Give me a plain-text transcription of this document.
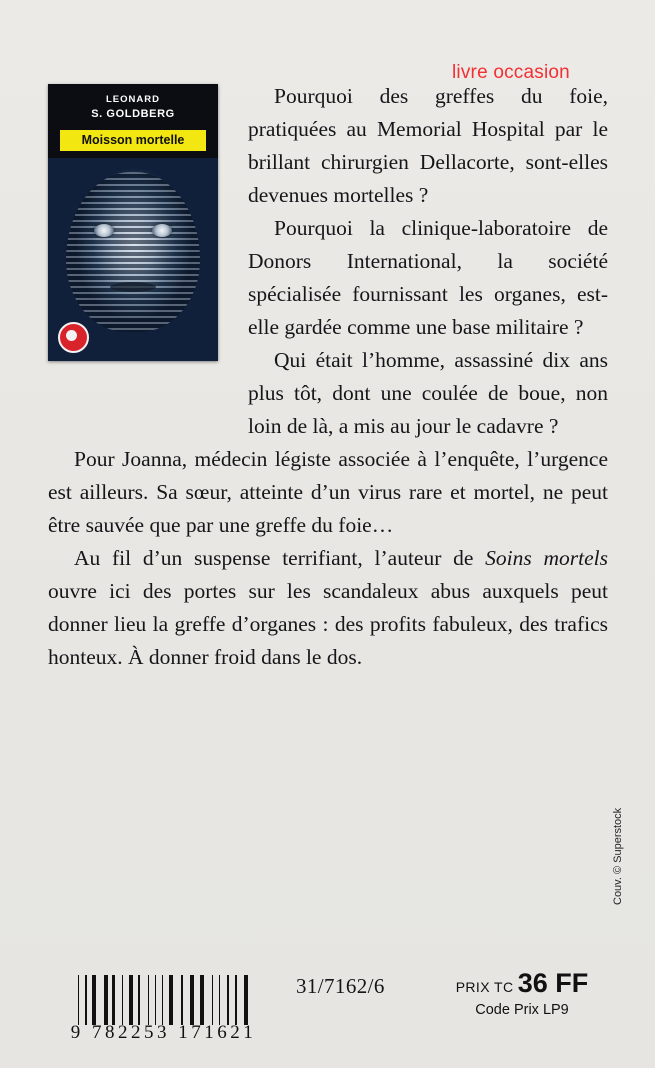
livre occasion
LEONARD
S. GOLDBERG
Moisson mortelle

Pourquoi des greffes du foie, pratiquées au Memorial Hospital par le brillant chirurgien Dellacorte, sont-elles devenues mortelles ?

Pourquoi la clinique-laboratoire de Donors International, la société spécialisée fournissant les organes, est-elle gardée comme une base militaire ?

Qui était l’homme, assassiné dix ans plus tôt, dont une coulée de boue, non loin de là, a mis au jour le cadavre ?

Pour Joanna, médecin légiste associée à l’enquête, l’urgence est ailleurs. Sa sœur, atteinte d’un virus rare et mortel, ne peut être sauvée que par une greffe du foie…

Au fil d’un suspense terrifiant, l’auteur de Soins mortels ouvre ici des portes sur les scandaleux abus auxquels peut donner lieu la greffe d’organes : des profits fabuleux, des trafics honteux. À donner froid dans le dos.

9 782253 171621
31/7162/6	PRIX TC 36 FF
Code Prix LP9
Couv. © Superstock
